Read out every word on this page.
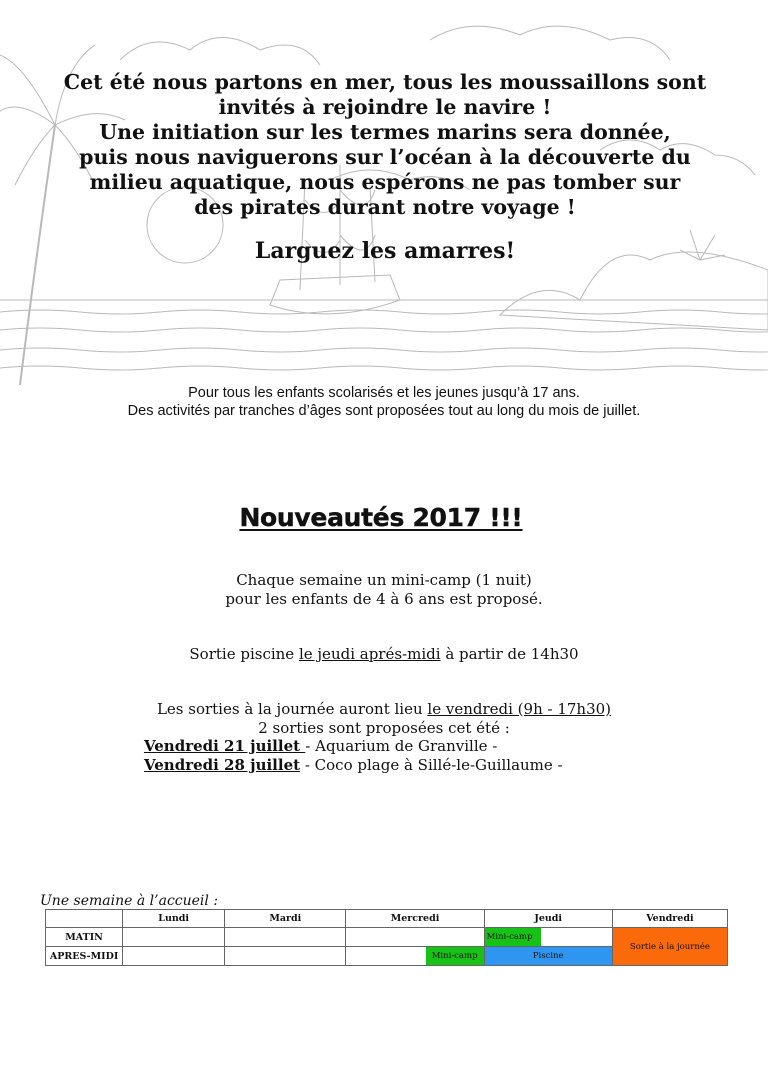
Cet été nous partons en mer, tous les moussaillons sont

invités à rejoindre le navire !

Une initiation sur les termes marins sera donnée,

puis nous naviguerons sur l’océan à la découverte du

milieu aquatique, nous espérons ne pas tomber sur

des pirates durant notre voyage !

Larguez les amarres!
Pour tous les enfants scolarisés et les jeunes jusqu’à 17 ans.
Des activités par tranches d’âges sont proposées tout au long du mois de juillet.
Nouveautés 2017 !!!
Chaque semaine un mini-camp (1 nuit)
pour les enfants de 4 à 6 ans est proposé.
Sortie piscine le jeudi aprés-midi à partir de 14h30
Les sorties à la journée auront lieu le vendredi (9h - 17h30)
2 sorties sont proposées cet été :
Vendredi 21 juillet - Aquarium de Granville -
Vendredi 28 juillet - Coco plage à Sillé-le-Guillaume -
Une semaine à l’accueil :
	Lundi	Mardi	Mercredi	Jeudi	Vendredi
MATIN				Mini-camp	Sortie à la journée
APRES-MIDI			Mini-camp	Piscine	
